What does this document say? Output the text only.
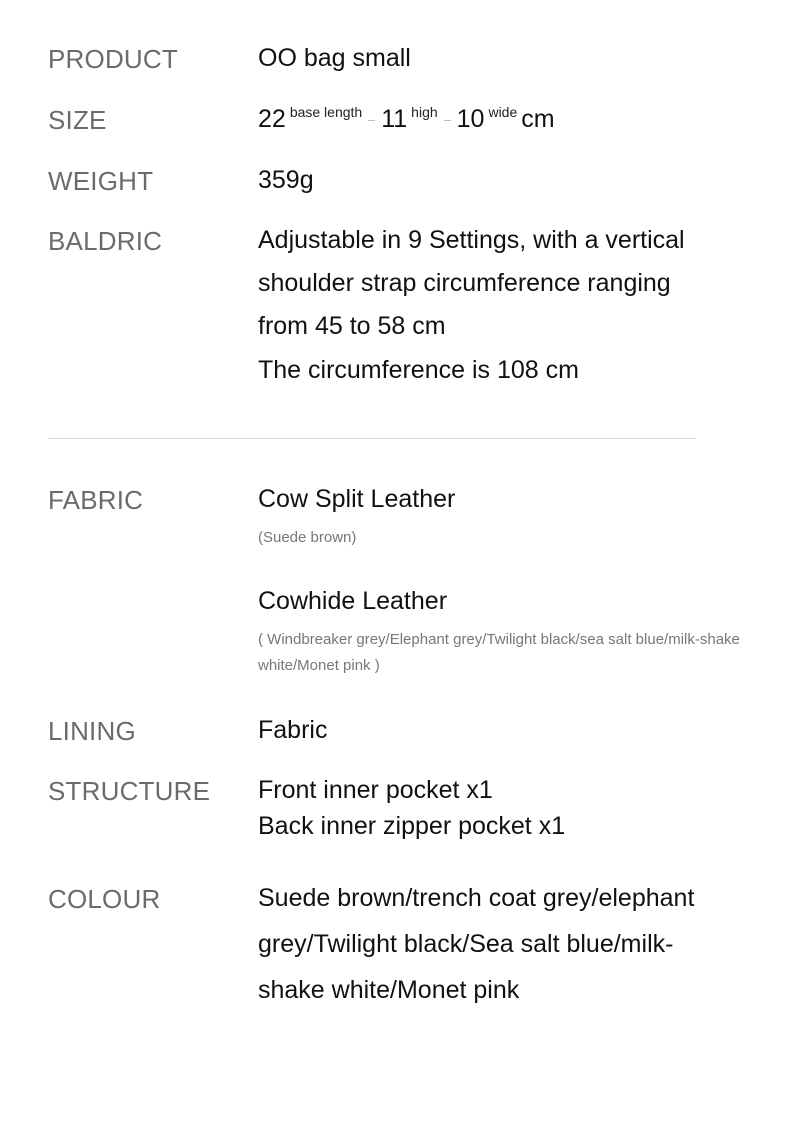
PRODUCT	OO bag small
SIZE	22 $^{base length}$ 11 $^{high}$ 10 $^{wide}$ cm
WEIGHT	359g
BALDRIC	Adjustable in 9 Settings, with a vertical
shoulder strap circumference ranging
from 45 to 58 cm
The circumference is 108 cm
FABRIC	Cow Split Leather
(Suede brown)
Cowhide Leather
( Windbreaker grey/Elephant grey/Twilight black/sea salt blue/milk-shake white/Monet pink )
LINING	Fabric
STRUCTURE Front inner pocket x1
Back inner zipper pocket x1
COLOUR	Suede brown/trench coat grey/elephant
grey/Twilight black/Sea salt blue/milk-
shake white/Monet pink
